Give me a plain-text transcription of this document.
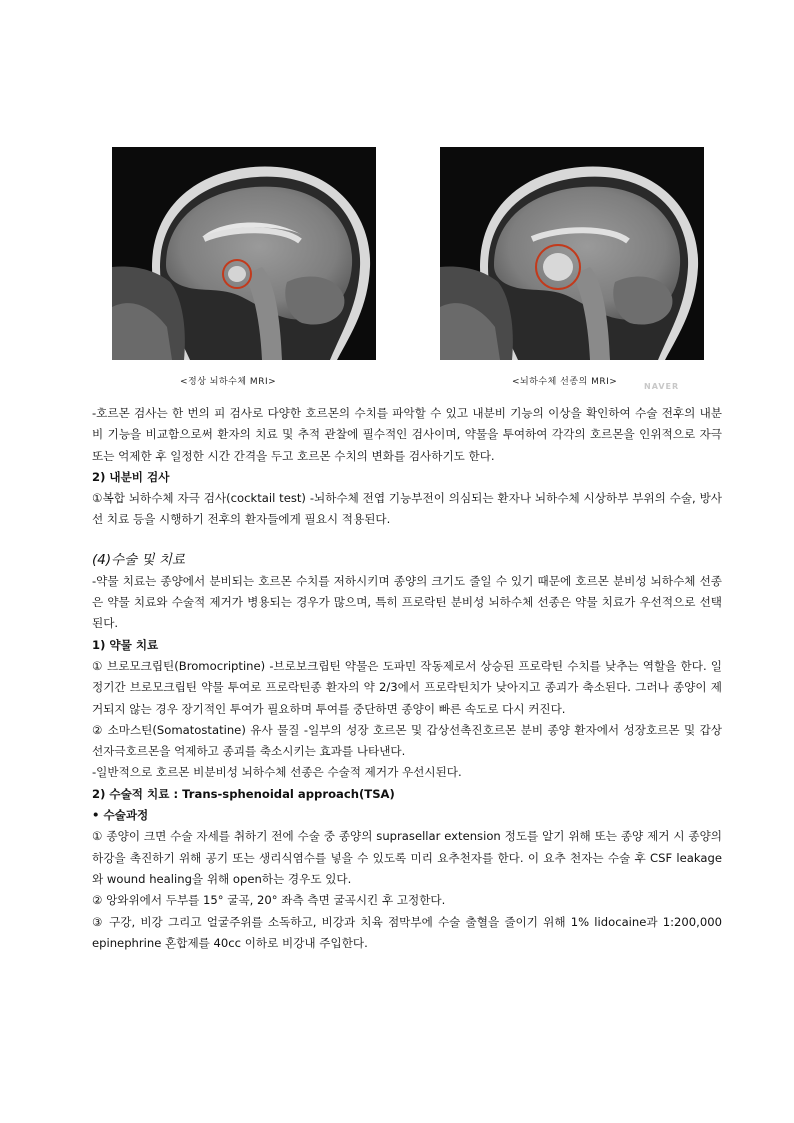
<정상 뇌하수체 MRI>	<뇌하수체 선종의 MRI>	NAVER

-호르몬 검사는 한 번의 피 검사로 다양한 호르몬의 수치를 파악할 수 있고 내분비 기능의 이상을 확인하여 수술 전후의 내분비 기능을 비교함으로써 환자의 치료 및 추적 관찰에 필수적인 검사이며, 약물을 투여하여 각각의 호르몬을 인위적으로 자극 또는 억제한 후 일정한 시간 간격을 두고 호르몬 수치의 변화를 검사하기도 한다.

2) 내분비 검사

①복합 뇌하수체 자극 검사(cocktail test) -뇌하수체 전엽 기능부전이 의심되는 환자나 뇌하수체 시상하부 부위의 수술, 방사선 치료 등을 시행하기 전후의 환자들에게 필요시 적용된다.

(4)수술 및 치료

-약물 치료는 종양에서 분비되는 호르몬 수치를 저하시키며 종양의 크기도 줄일 수 있기 때문에 호르몬 분비성 뇌하수체 선종은 약물 치료와 수술적 제거가 병용되는 경우가 많으며, 특히 프로락틴 분비성 뇌하수체 선종은 약물 치료가 우선적으로 선택된다.

1) 약물 치료

① 브로모크립틴(Bromocriptine) -브로보크립틴 약물은 도파민 작동제로서 상승된 프로락틴 수치를 낮추는 역할을 한다. 일정기간 브로모크립틴 약물 투여로 프로락틴종 환자의 약 2/3에서 프로락틴치가 낮아지고 종괴가 축소된다. 그러나 종양이 제거되지 않는 경우 장기적인 투여가 필요하며 투여를 중단하면 종양이 빠른 속도로 다시 커진다.

② 소마스틴(Somatostatine) 유사 물질 -일부의 성장 호르몬 및 갑상선촉진호르몬 분비 종양 환자에서 성장호르몬 및 갑상선자극호르몬을 억제하고 종괴를 축소시키는 효과를 나타낸다.

-일반적으로 호르몬 비분비성 뇌하수체 선종은 수술적 제거가 우선시된다.

2) 수술적 치료 : Trans-sphenoidal approach(TSA)

• 수술과정

① 종양이 크면 수술 자세를 취하기 전에 수술 중 종양의 suprasellar extension 정도를 알기 위해 또는 종양 제거 시 종양의 하강을 촉진하기 위해 공기 또는 생리식염수를 넣을 수 있도록 미리 요추천자를 한다. 이 요추 천자는 수술 후 CSF leakage와 wound healing을 위해 open하는 경우도 있다.

② 앙와위에서 두부를 15° 굴곡, 20° 좌측 측면 굴곡시킨 후 고정한다.

③ 구강, 비강 그리고 얼굴주위를 소독하고, 비강과 치육 점막부에 수술 출혈을 줄이기 위해 1% lidocaine과 1:200,000 epinephrine 혼합제를 40cc 이하로 비강내 주입한다.
